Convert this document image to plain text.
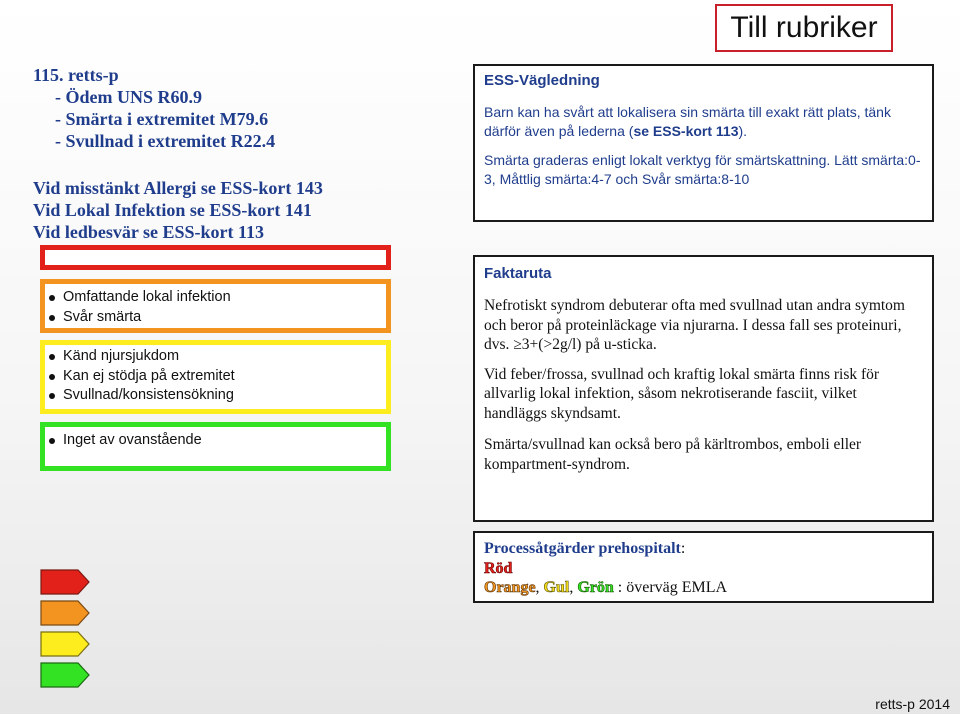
Till rubriker
115. retts-p
- Ödem UNS R60.9
- Smärta i extremitet M79.6
- Svullnad i extremitet R22.4
Vid misstänkt Allergi se ESS-kort 143
Vid Lokal Infektion se ESS-kort 141
Vid ledbesvär se ESS-kort 113
Omfattande lokal infektion
Svår smärta
Känd njursjukdom
Kan ej stödja på extremitet
Svullnad/konsistensökning
Inget av ovanstående
ESS-Vägledning

Barn kan ha svårt att lokalisera sin smärta till exakt rätt plats, tänk därför även på lederna (se ESS-kort 113).

Smärta graderas enligt lokalt verktyg för smärtskattning. Lätt smärta:0-3, Måttlig smärta:4-7 och Svår smärta:8-10

Faktaruta

Nefrotiskt syndrom debuterar ofta med svullnad utan andra symtom och beror på proteinläckage via njurarna. I dessa fall ses proteinuri, dvs. ≥3+(>2g/l) på u-sticka.

Vid feber/frossa, svullnad och kraftig lokal smärta finns risk för allvarlig lokal infektion, såsom nekrotiserande fasciit, vilket handläggs skyndsamt.

Smärta/svullnad kan också bero på kärltrombos, emboli eller kompartment-syndrom.

Processåtgärder prehospitalt:
Röd
Orange, Gul, Grön : överväg EMLA
retts-p 2014
